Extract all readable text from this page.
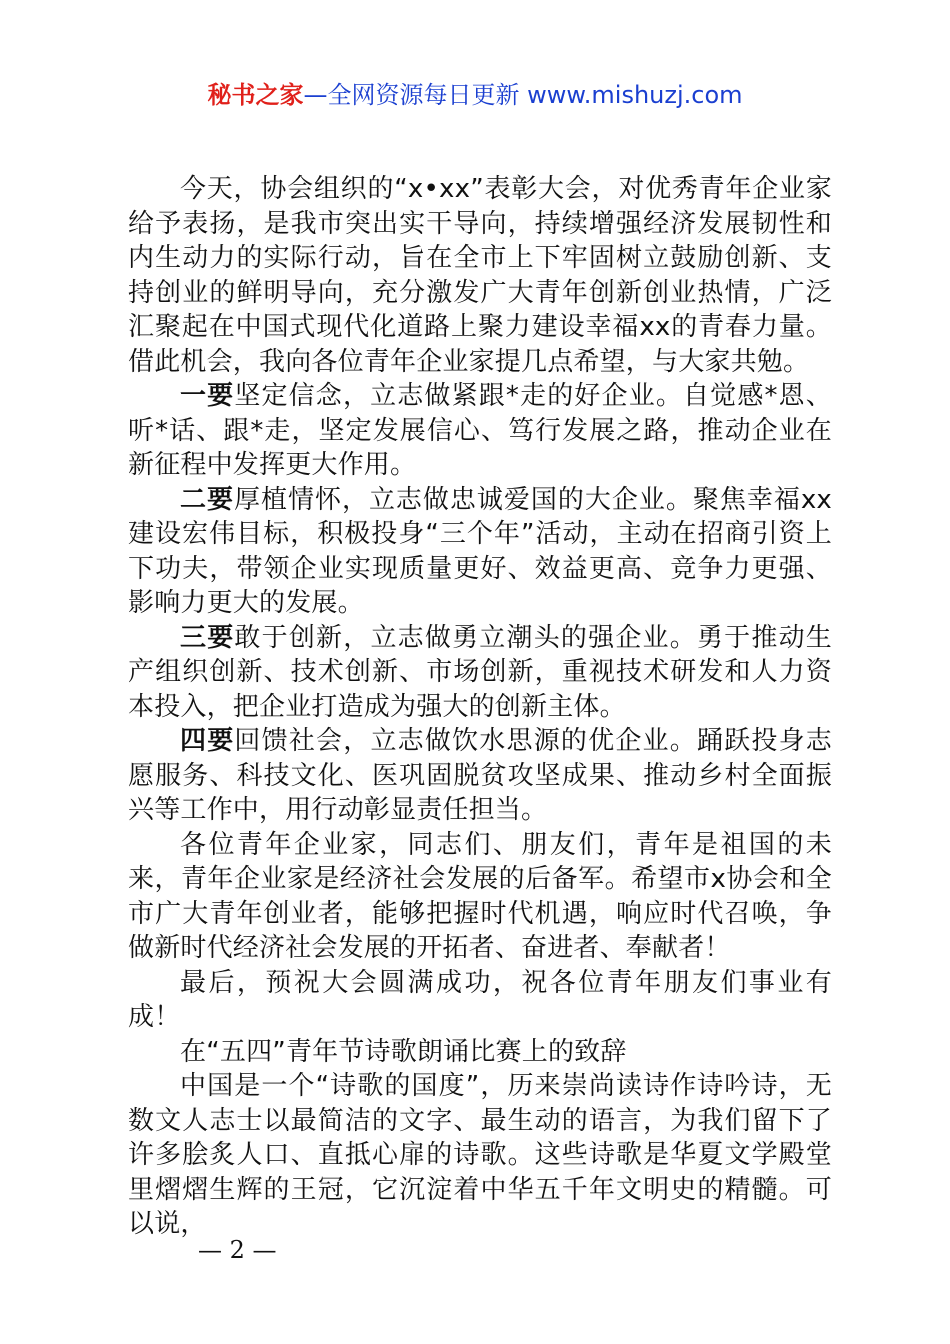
秘书之家—全网资源每日更新 www.mishuzj.com

今天，协会组织的“x•xx”表彰大会，对优秀青年企业家给予表扬，是我市突出实干导向，持续增强经济发展韧性和内生动力的实际行动，旨在全市上下牢固树立鼓励创新、支持创业的鲜明导向，充分激发广大青年创新创业热情，广泛汇聚起在中国式现代化道路上聚力建设幸福xx的青春力量。借此机会，我向各位青年企业家提几点希望，与大家共勉。

一要坚定信念，立志做紧跟*走的好企业。自觉感*恩、听*话、跟*走，坚定发展信心、笃行发展之路，推动企业在新征程中发挥更大作用。

二要厚植情怀，立志做忠诚爱国的大企业。聚焦幸福xx建设宏伟目标，积极投身“三个年”活动，主动在招商引资上下功夫，带领企业实现质量更好、效益更高、竞争力更强、影响力更大的发展。

三要敢于创新，立志做勇立潮头的强企业。勇于推动生产组织创新、技术创新、市场创新，重视技术研发和人力资本投入，把企业打造成为强大的创新主体。

四要回馈社会，立志做饮水思源的优企业。踊跃投身志愿服务、科技文化、医巩固脱贫攻坚成果、推动乡村全面振兴等工作中，用行动彰显责任担当。

各位青年企业家，同志们、朋友们，青年是祖国的未来，青年企业家是经济社会发展的后备军。希望市x协会和全市广大青年创业者，能够把握时代机遇，响应时代召唤，争做新时代经济社会发展的开拓者、奋进者、奉献者！

最后，预祝大会圆满成功，祝各位青年朋友们事业有成！

在“五四”青年节诗歌朗诵比赛上的致辞

中国是一个“诗歌的国度”，历来崇尚读诗作诗吟诗，无数文人志士以最简洁的文字、最生动的语言，为我们留下了许多脍炙人口、直抵心扉的诗歌。这些诗歌是华夏文学殿堂里熠熠生辉的王冠，它沉淀着中华五千年文明史的精髓。可以说，

— 2 —
